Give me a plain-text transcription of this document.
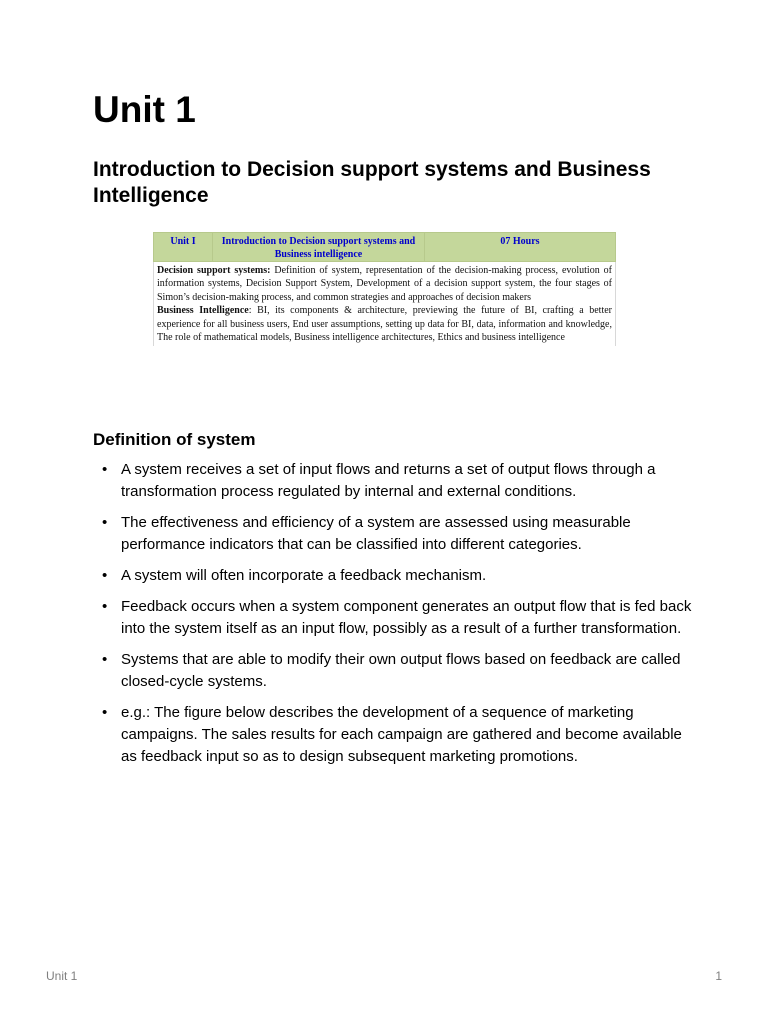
Unit 1
Introduction to Decision support systems and Business Intelligence
Unit I	Introduction to Decision support systems and Business intelligence	07 Hours

Decision support systems: Definition of system, representation of the decision-making process, evolution of information systems, Decision Support System, Development of a decision support system, the four stages of Simon’s decision-making process, and common strategies and approaches of decision makers

Business Intelligence: BI, its components & architecture, previewing the future of BI, crafting a better experience for all business users, End user assumptions, setting up data for BI, data, information and knowledge, The role of mathematical models, Business intelligence architectures, Ethics and business intelligence

Definition of system
• A system receives a set of input flows and returns a set of output flows through a transformation process regulated by internal and external conditions.
• The effectiveness and efficiency of a system are assessed using measurable performance indicators that can be classified into different categories.
• A system will often incorporate a feedback mechanism.
• Feedback occurs when a system component generates an output flow that is fed back into the system itself as an input flow, possibly as a result of a further transformation.
• Systems that are able to modify their own output flows based on feedback are called closed-cycle systems.
• e.g.: The figure below describes the development of a sequence of marketing campaigns. The sales results for each campaign are gathered and become available as feedback input so as to design subsequent marketing promotions.
Unit 1	1
